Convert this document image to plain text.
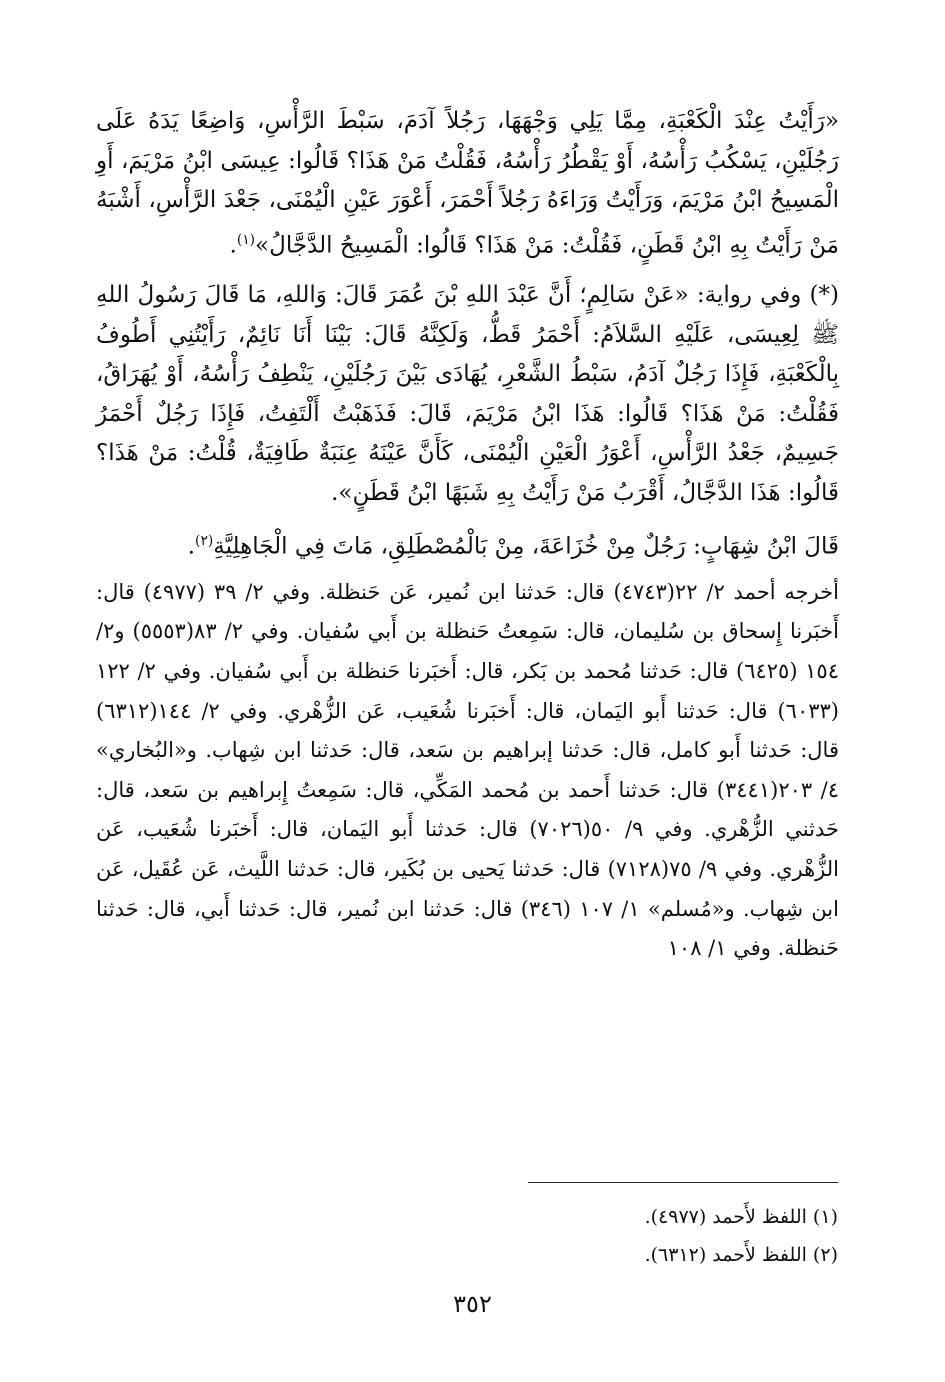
«رَأَيْتُ عِنْدَ الْكَعْبَةِ، مِمَّا يَلِي وَجْهَهَا، رَجُلاً آدَمَ، سَبْطَ الرَّأْسِ، وَاضِعًا يَدَهُ عَلَى رَجُلَيْنِ، يَسْكُبُ رَأْسُهُ، أَوْ يَقْطُرُ رَأْسُهُ، فَقُلْتُ مَنْ هَذَا؟ قَالُوا: عِيسَى ابْنُ مَرْيَمَ، أَوِ الْمَسِيحُ ابْنُ مَرْيَمَ، وَرَأَيْتُ وَرَاءَهُ رَجُلاً أَحْمَرَ، أَعْوَرَ عَيْنِ الْيُمْنَى، جَعْدَ الرَّأْسِ، أَشْبَهُ مَنْ رَأَيْتُ بِهِ ابْنُ قَطَنٍ، فَقُلْتُ: مَنْ هَذَا؟ قَالُوا: الْمَسِيحُ الدَّجَّالُ»$^{(١)}$.

(*) وفي رواية: «عَنْ سَالِمٍ؛ أَنَّ عَبْدَ اللهِ بْنَ عُمَرَ قَالَ: وَاللهِ، مَا قَالَ رَسُولُ اللهِ ﷺ لِعِيسَى، عَلَيْهِ السَّلاَمُ: أَحْمَرُ قَطُّ، وَلَكِنَّهُ قَالَ: بَيْنَا أَنَا نَائِمٌ، رَأَيْتُنِي أَطُوفُ بِالْكَعْبَةِ، فَإِذَا رَجُلٌ آدَمُ، سَبْطُ الشَّعْرِ، يُهَادَى بَيْنَ رَجُلَيْنِ، يَنْطِفُ رَأْسُهُ، أَوْ يُهَرَاقُ، فَقُلْتُ: مَنْ هَذَا؟ قَالُوا: هَذَا ابْنُ مَرْيَمَ، قَالَ: فَذَهَبْتُ أَلْتَفِتُ، فَإِذَا رَجُلٌ أَحْمَرُ جَسِيمٌ، جَعْدُ الرَّأْسِ، أَعْوَرُ الْعَيْنِ الْيُمْنَى، كَأَنَّ عَيْنَهُ عِنَبَةٌ طَافِيَةٌ، قُلْتُ: مَنْ هَذَا؟ قَالُوا: هَذَا الدَّجَّالُ، أَقْرَبُ مَنْ رَأَيْتُ بِهِ شَبَهًا ابْنُ قَطَنٍ».

قَالَ ابْنُ شِهَابٍ: رَجُلٌ مِنْ خُزَاعَةَ، مِنْ بَالْمُصْطَلِقِ، مَاتَ فِي الْجَاهِلِيَّةِ$^{(٢)}$.

أخرجه أحمد ٢/ ٢٢(٤٧٤٣) قال: حَدثنا ابن نُمير، عَن حَنظلة. وفي ٢/ ٣٩ (٤٩٧٧) قال: أَخبَرنا إِسحاق بن سُليمان، قال: سَمِعتُ حَنظلة بن أَبي سُفيان. وفي ٢/ ٨٣(٥٥٥٣) و٢/ ١٥٤ (٦٤٢٥) قال: حَدثنا مُحمد بن بَكر، قال: أَخبَرنا حَنظلة بن أَبي سُفيان. وفي ٢/ ١٢٢ (٦٠٣٣) قال: حَدثنا أَبو اليَمان، قال: أَخبَرنا شُعَيب، عَن الزُّهْري. وفي ٢/ ١٤٤(٦٣١٢) قال: حَدثنا أَبو كامل، قال: حَدثنا إبراهيم بن سَعد، قال: حَدثنا ابن شِهاب. و«البُخاري» ٤/ ٢٠٣(٣٤٤١) قال: حَدثنا أَحمد بن مُحمد المَكِّي، قال: سَمِعتُ إِبراهيم بن سَعد، قال: حَدثني الزُّهْري. وفي ٩/ ٥٠(٧٠٢٦) قال: حَدثنا أَبو اليَمان، قال: أَخبَرنا شُعَيب، عَن الزُّهْري. وفي ٩/ ٧٥(٧١٢٨) قال: حَدثنا يَحيى بن بُكَير، قال: حَدثنا اللَّيث، عَن عُقَيل، عَن ابن شِهاب. و«مُسلم» ١/ ١٠٧ (٣٤٦) قال: حَدثنا ابن نُمير، قال: حَدثنا أَبي، قال: حَدثنا حَنظلة. وفي ١/ ١٠٨

(١) اللفظ لأَحمد (٤٩٧٧).
(٢) اللفظ لأَحمد (٦٣١٢).
٣٥٢
